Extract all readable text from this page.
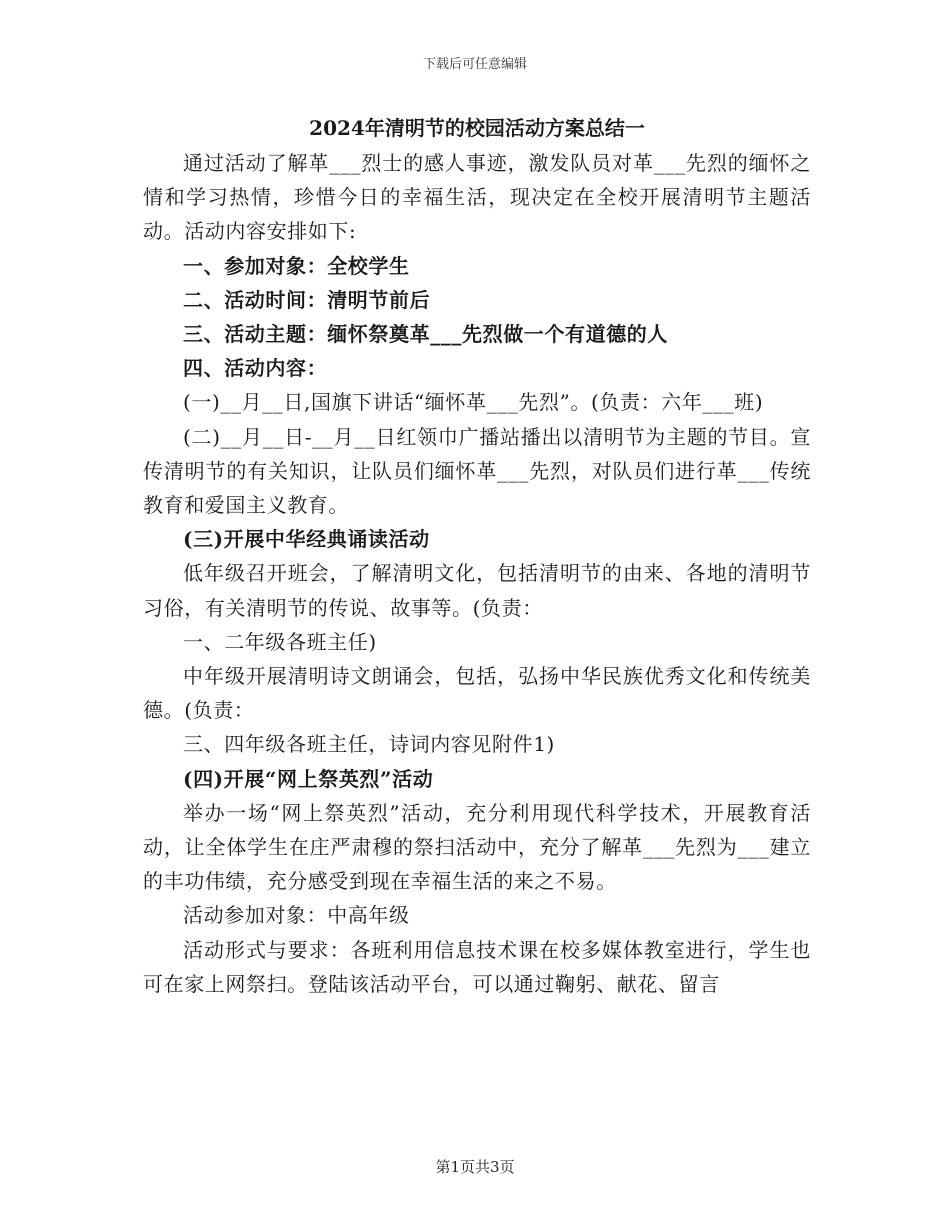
下载后可任意编辑
2024年清明节的校园活动方案总结一

通过活动了解革___烈士的感人事迹，激发队员对革___先烈的缅怀之情和学习热情，珍惜今日的幸福生活，现决定在全校开展清明节主题活动。活动内容安排如下:

一、参加对象：全校学生

二、活动时间：清明节前后

三、活动主题：缅怀祭奠革___先烈做一个有道德的人

四、活动内容：

(一)__月__日,国旗下讲话“缅怀革___先烈”。(负责：六年___班)

(二)__月__日-__月__日红领巾广播站播出以清明节为主题的节目。宣传清明节的有关知识，让队员们缅怀革___先烈，对队员们进行革___传统教育和爱国主义教育。

(三)开展中华经典诵读活动

低年级召开班会，了解清明文化，包括清明节的由来、各地的清明节习俗，有关清明节的传说、故事等。(负责：

一、二年级各班主任)

中年级开展清明诗文朗诵会，包括，弘扬中华民族优秀文化和传统美德。(负责：

三、四年级各班主任，诗词内容见附件1)

(四)开展“网上祭英烈”活动

举办一场“网上祭英烈”活动，充分利用现代科学技术，开展教育活动，让全体学生在庄严肃穆的祭扫活动中，充分了解革___先烈为___建立的丰功伟绩，充分感受到现在幸福生活的来之不易。

活动参加对象：中高年级

活动形式与要求：各班利用信息技术课在校多媒体教室进行，学生也可在家上网祭扫。登陆该活动平台，可以通过鞠躬、献花、留言

第1页共3页
